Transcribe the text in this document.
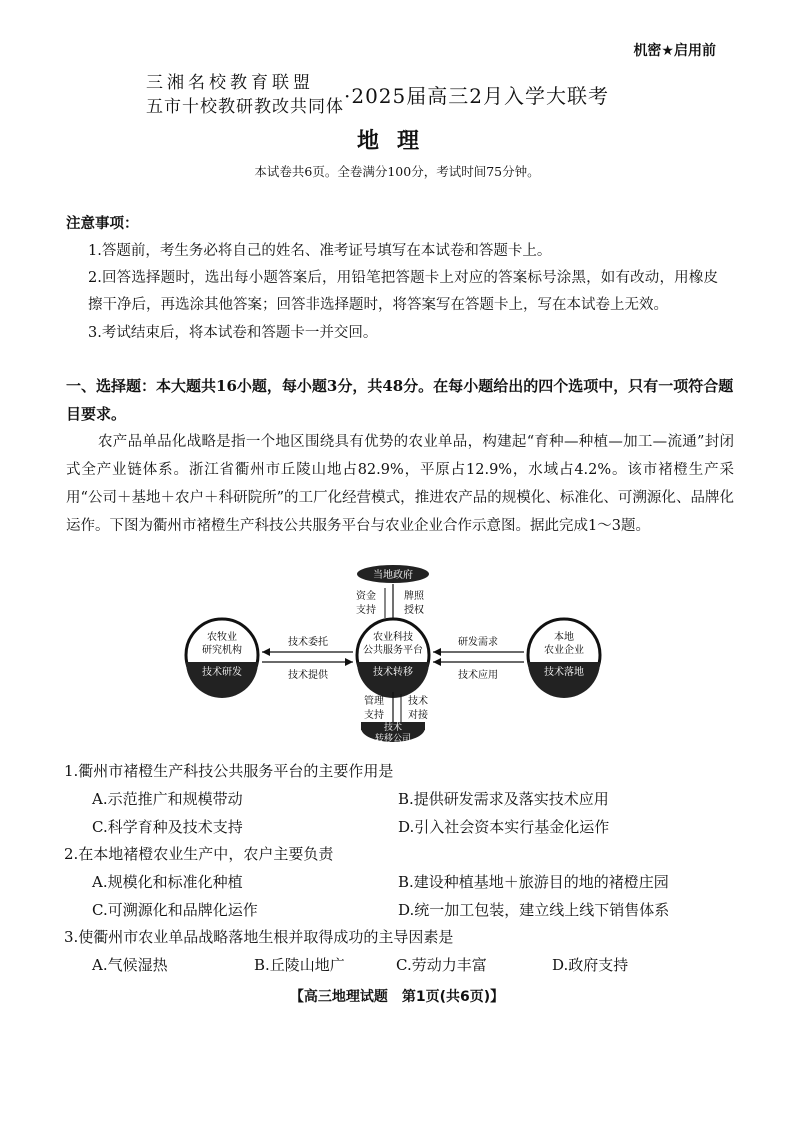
机密★启用前
三湘名校教育联盟
五市十校教研教改共同体 ·2025届高三2月入学大联考
地理
本试卷共6页。全卷满分100分，考试时间75分钟。
注意事项：
1.答题前，考生务必将自己的姓名、准考证号填写在本试卷和答题卡上。
2.回答选择题时，选出每小题答案后，用铅笔把答题卡上对应的答案标号涂黑，如有改动，用橡皮擦干净后，再选涂其他答案；回答非选择题时，将答案写在答题卡上，写在本试卷上无效。
3.考试结束后，将本试卷和答题卡一并交回。
一、选择题：本大题共16小题，每小题3分，共48分。在每小题给出的四个选项中，只有一项符合题目要求。
农产品单品化战略是指一个地区围绕具有优势的农业单品，构建起“育种—种植—加工—流通”封闭式全产业链体系。浙江省衢州市丘陵山地占82.9%，平原占12.9%，水域占4.2%。该市褚橙生产采用“公司＋基地＋农户＋科研院所”的工厂化经营模式，推进农产品的规模化、标准化、可溯源化、品牌化运作。下图为衢州市褚橙生产科技公共服务平台与农业企业合作示意图。据此完成1～3题。
当地政府
资金
支持
牌照
授权
农业科技
公共服务平台
技术转移
农牧业
研究机构
技术研发
本地
农业企业
技术落地
技术委托
技术提供
研发需求
技术应用
管理
支持
技术
对接
技术
转移公司
1.衢州市褚橙生产科技公共服务平台的主要作用是
A.示范推广和规模带动	B.提供研发需求及落实技术应用
C.科学育种及技术支持	D.引入社会资本实行基金化运作
2.在本地褚橙农业生产中，农户主要负责
A.规模化和标准化种植	B.建设种植基地＋旅游目的地的褚橙庄园
C.可溯源化和品牌化运作	D.统一加工包装，建立线上线下销售体系
3.使衢州市农业单品战略落地生根并取得成功的主导因素是
A.气候湿热	B.丘陵山地广	C.劳动力丰富	D.政府支持
【高三地理试题　第1页(共6页)】
